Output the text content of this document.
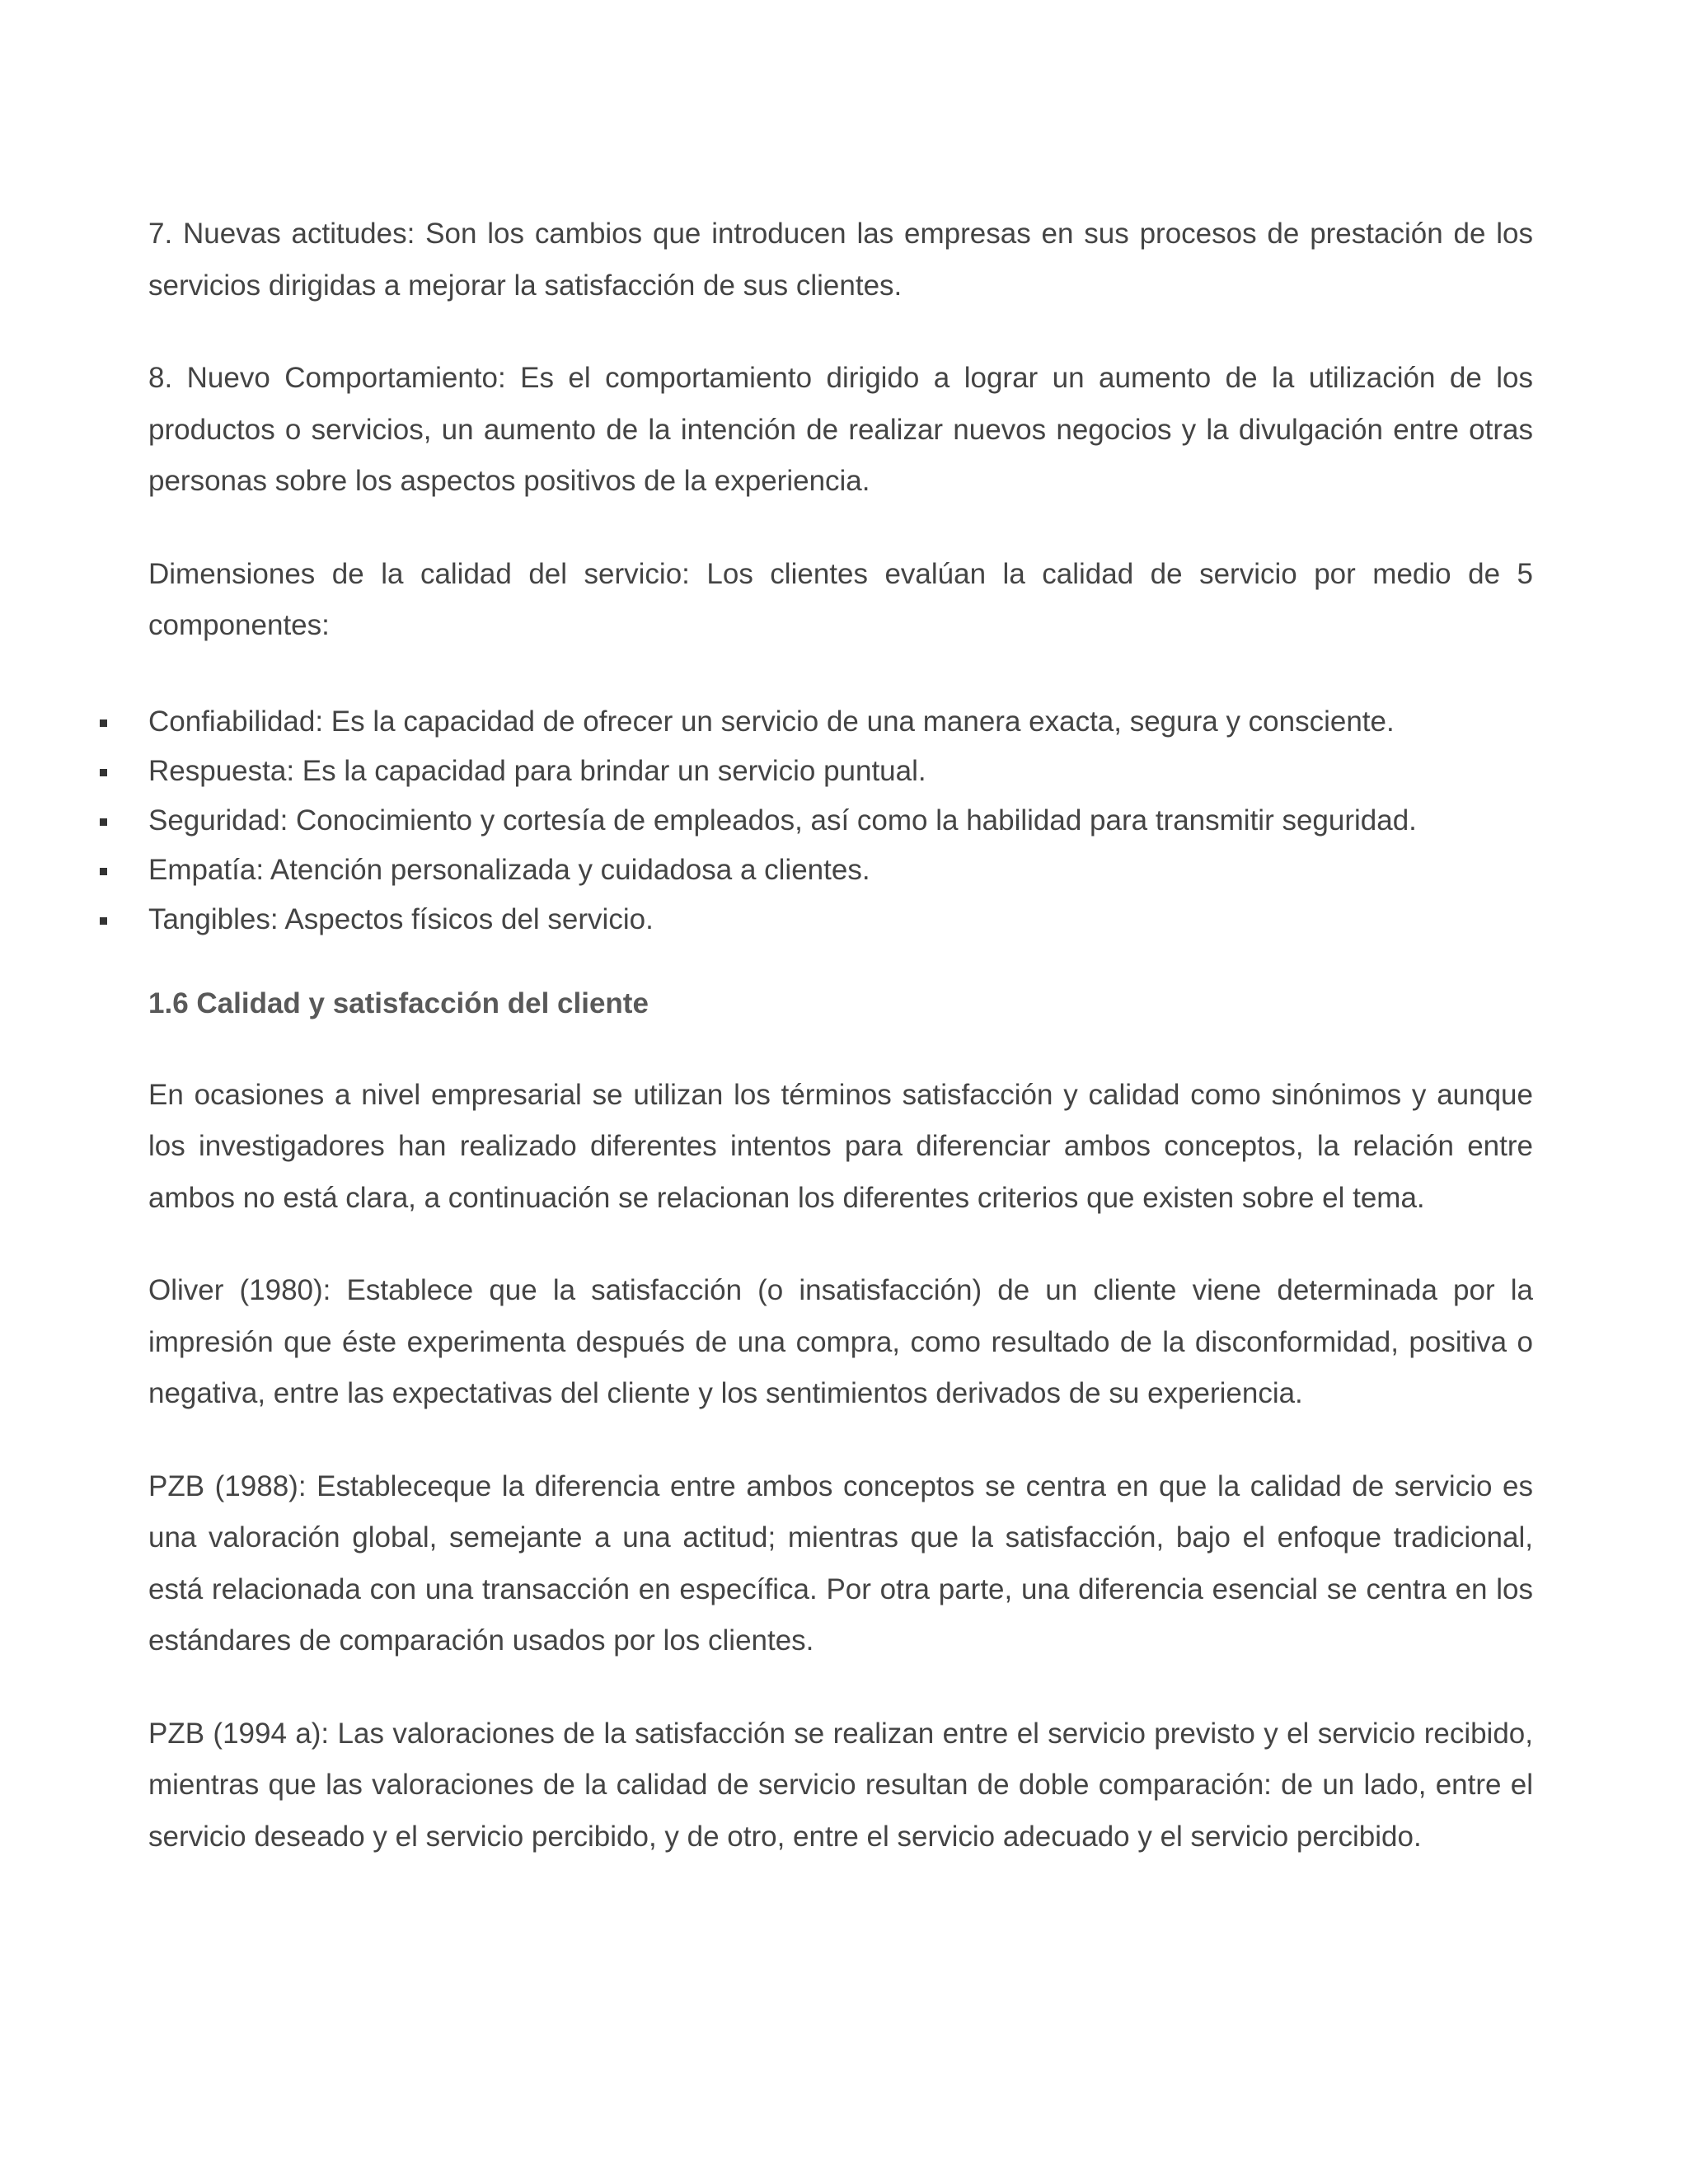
7. Nuevas actitudes: Son los cambios que introducen las empresas en sus procesos de prestación de los servicios dirigidas a mejorar la satisfacción de sus clientes.

8. Nuevo Comportamiento: Es el comportamiento dirigido a lograr un aumento de la utilización de los productos o servicios, un aumento de la intención de realizar nuevos negocios y la divulgación entre otras personas sobre los aspectos positivos de la experiencia.

Dimensiones de la calidad del servicio: Los clientes evalúan la calidad de servicio por medio de 5 componentes:

Confiabilidad: Es la capacidad de ofrecer un servicio de una manera exacta, segura y consciente.
Respuesta: Es la capacidad para brindar un servicio puntual.
Seguridad: Conocimiento y cortesía de empleados, así como la habilidad para transmitir seguridad.
Empatía: Atención personalizada y cuidadosa a clientes.
Tangibles: Aspectos físicos del servicio.
1.6 Calidad y satisfacción del cliente

En ocasiones a nivel empresarial se utilizan los términos satisfacción y calidad como sinónimos y aunque los investigadores han realizado diferentes intentos para diferenciar ambos conceptos, la relación entre ambos no está clara, a continuación se relacionan los diferentes criterios que existen sobre el tema.

Oliver (1980): Establece que la satisfacción (o insatisfacción) de un cliente viene determinada por la impresión que éste experimenta después de una compra, como resultado de la disconformidad, positiva o negativa, entre las expectativas del cliente y los sentimientos derivados de su experiencia.

PZB (1988): Estableceque la diferencia entre ambos conceptos se centra en que la calidad de servicio es una valoración global, semejante a una actitud; mientras que la satisfacción, bajo el enfoque tradicional, está relacionada con una transacción en específica. Por otra parte, una diferencia esencial se centra en los estándares de comparación usados por los clientes.

PZB (1994 a): Las valoraciones de la satisfacción se realizan entre el servicio previsto y el servicio recibido, mientras que las valoraciones de la calidad de servicio resultan de doble comparación: de un lado, entre el servicio deseado y el servicio percibido, y de otro, entre el servicio adecuado y el servicio percibido.
